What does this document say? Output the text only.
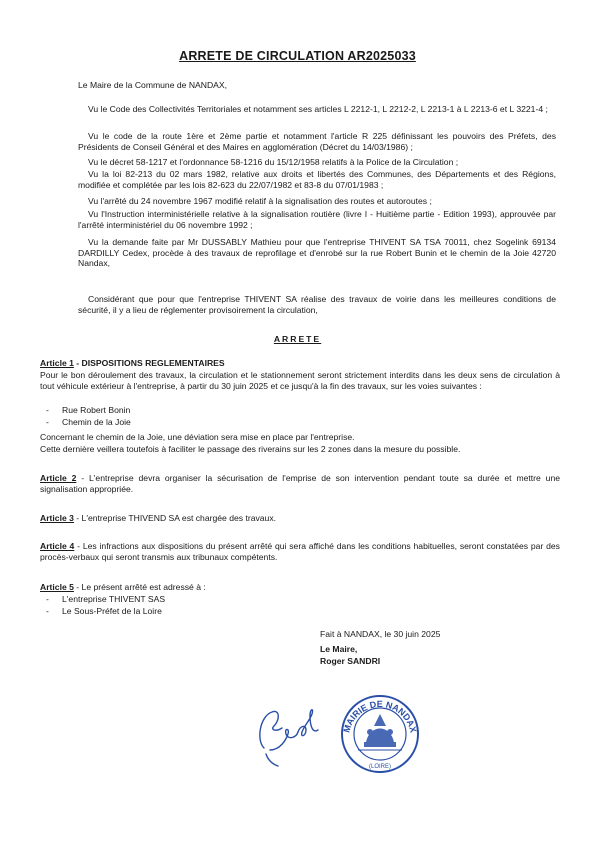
ARRETE DE CIRCULATION AR2025033

Le Maire de la Commune de NANDAX,

Vu le Code des Collectivités Territoriales et notamment ses articles L 2212-1, L 2212-2, L 2213-1 à L 2213-6 et L 3221-4 ;

Vu le code de la route 1ère et 2ème partie et notamment l'article R 225 définissant les pouvoirs des Préfets, des Présidents de Conseil Général et des Maires en agglomération (Décret du 14/03/1986) ;

Vu le décret 58-1217 et l'ordonnance 58-1216 du 15/12/1958 relatifs à la Police de la Circulation ;

Vu la loi 82-213 du 02 mars 1982, relative aux droits et libertés des Communes, des Départements et des Régions, modifiée et complétée par les lois 82-623 du 22/07/1982 et 83-8 du 07/01/1983 ;

Vu l'arrêté du 24 novembre 1967 modifié relatif à la signalisation des routes et autoroutes ;

Vu l'Instruction interministérielle relative à la signalisation routière (livre I - Huitième partie - Edition 1993), approuvée par l'arrêté interministériel du 06 novembre 1992 ;

Vu la demande faite par Mr DUSSABLY Mathieu pour que l'entreprise THIVENT SA TSA 70011, chez Sogelink 69134 DARDILLY Cedex, procède à des travaux de reprofilage et d'enrobé sur la rue Robert Bunin et le chemin de la Joie 42720 Nandax,

Considérant que pour que l'entreprise THIVENT SA réalise des travaux de voirie dans les meilleures conditions de sécurité, il y a lieu de réglementer provisoirement la circulation,

ARRETE
Article 1 - DISPOSITIONS REGLEMENTAIRES

Pour le bon déroulement des travaux, la circulation et le stationnement seront strictement interdits dans les deux sens de circulation à tout véhicule extérieur à l'entreprise, à partir du 30 juin 2025 et ce jusqu'à la fin des travaux, sur les voies suivantes :

- Rue Robert Bonin
- Chemin de la Joie

Concernant le chemin de la Joie, une déviation sera mise en place par l'entreprise.

Cette dernière veillera toutefois à faciliter le passage des riverains sur les 2 zones dans la mesure du possible.

Article 2 - L'entreprise devra organiser la sécurisation de l'emprise de son intervention pendant toute sa durée et mettre une signalisation appropriée.

Article 3 - L'entreprise THIVEND SA est chargée des travaux.

Article 4 - Les infractions aux dispositions du présent arrêté qui sera affiché dans les conditions habituelles, seront constatées par des procès-verbaux qui seront transmis aux tribunaux compétents.

Article 5 - Le présent arrêté est adressé à :

- L'entreprise THIVENT SAS
- Le Sous-Préfet de la Loire

Fait à NANDAX, le 30 juin 2025

Le Maire,

Roger SANDRI

MAIRIE DE NANDAX
(LOIRE)
